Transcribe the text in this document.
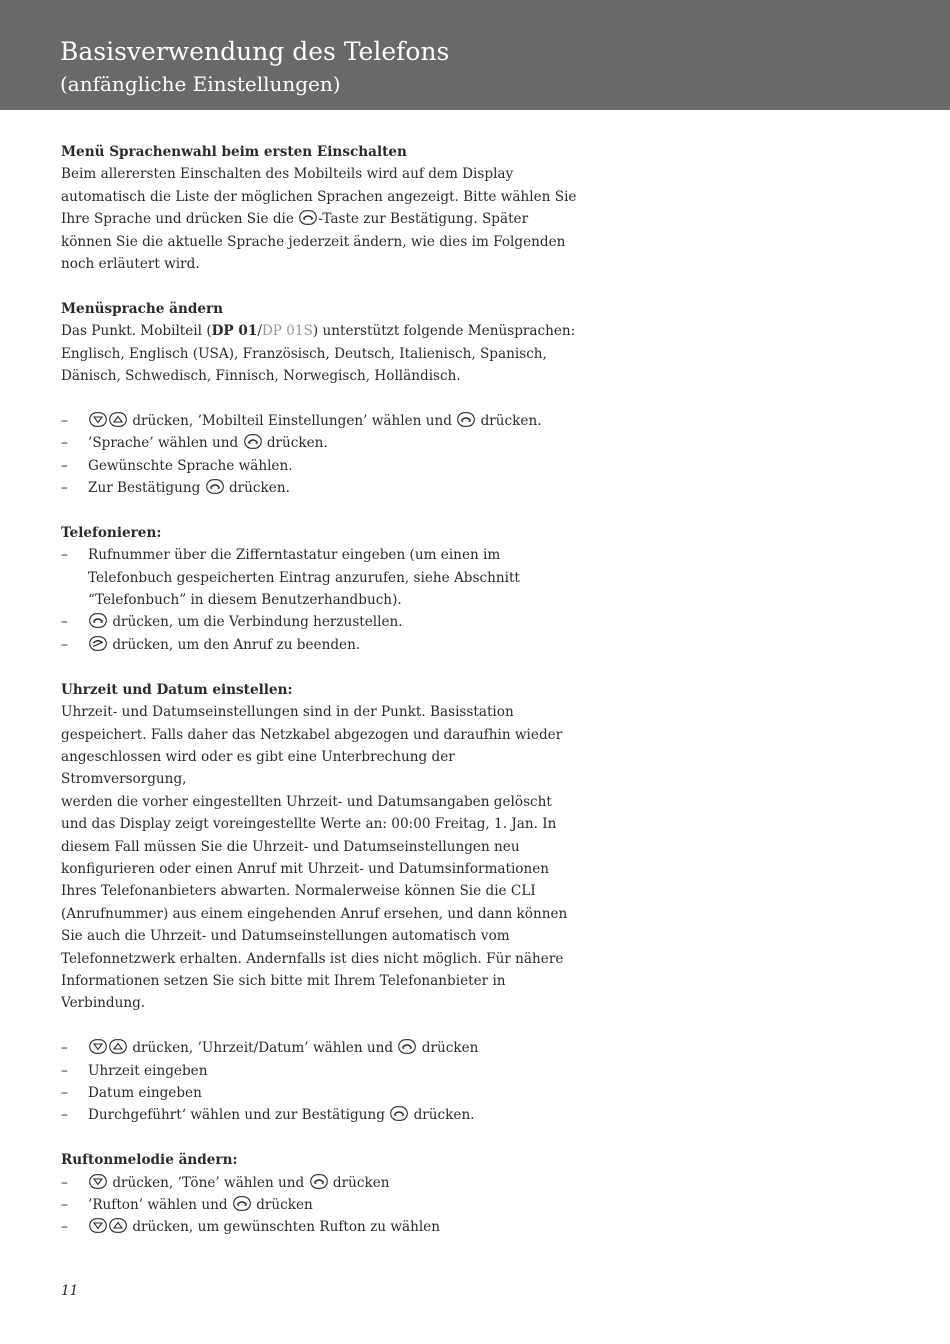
Basisverwendung des Telefons
(anfängliche Einstellungen)
Menü Sprachenwahl beim ersten Einschalten
Beim allerersten Einschalten des Mobilteils wird auf dem Display
automatisch die Liste der möglichen Sprachen angezeigt. Bitte wählen Sie
Ihre Sprache und drücken Sie die
-Taste zur Bestätigung. Später
können Sie die aktuelle Sprache jederzeit ändern, wie dies im Folgenden
noch erläutert wird.
Menüsprache ändern
Das Punkt. Mobilteil (DP 01/DP 01S) unterstützt folgende Menüsprachen:
Englisch, Englisch (USA), Französisch, Deutsch, Italienisch, Spanisch,
Dänisch, Schwedisch, Finnisch, Norwegisch, Holländisch.
–	drücken, ’Mobilteil Einstellungen’ wählen und
drücken.
– ’Sprache’ wählen und
drücken.
– Gewünschte Sprache wählen.
– Zur Bestätigung
drücken.
Telefonieren:
– Rufnummer über die Zifferntastatur eingeben (um einen im
Telefonbuch gespeicherten Eintrag anzurufen, siehe Abschnitt
“Telefonbuch” in diesem Benutzerhandbuch).
–	drücken, um die Verbindung herzustellen.
–	drücken, um den Anruf zu beenden.
Uhrzeit und Datum einstellen:
Uhrzeit- und Datumseinstellungen sind in der Punkt. Basisstation
gespeichert. Falls daher das Netzkabel abgezogen und daraufhin wieder
angeschlossen wird oder es gibt eine Unterbrechung der Stromversorgung,
werden die vorher eingestellten Uhrzeit- und Datumsangaben gelöscht
und das Display zeigt voreingestellte Werte an: 00:00 Freitag, 1. Jan. In
diesem Fall müssen Sie die Uhrzeit- und Datumseinstellungen neu
konfigurieren oder einen Anruf mit Uhrzeit- und Datumsinformationen
Ihres Telefonanbieters abwarten. Normalerweise können Sie die CLI
(Anrufnummer) aus einem eingehenden Anruf ersehen, und dann können
Sie auch die Uhrzeit- und Datumseinstellungen automatisch vom
Telefonnetzwerk erhalten. Andernfalls ist dies nicht möglich. Für nähere
Informationen setzen Sie sich bitte mit Ihrem Telefonanbieter in
Verbindung.
–	drücken, ’Uhrzeit/Datum’ wählen und
drücken
– Uhrzeit eingeben
– Datum eingeben
– Durchgeführt‘ wählen und zur Bestätigung
drücken.
Ruftonmelodie ändern:
–	drücken, ’Töne’ wählen und
drücken
– ’Rufton’ wählen und
drücken
–	drücken, um gewünschten Rufton zu wählen
11
